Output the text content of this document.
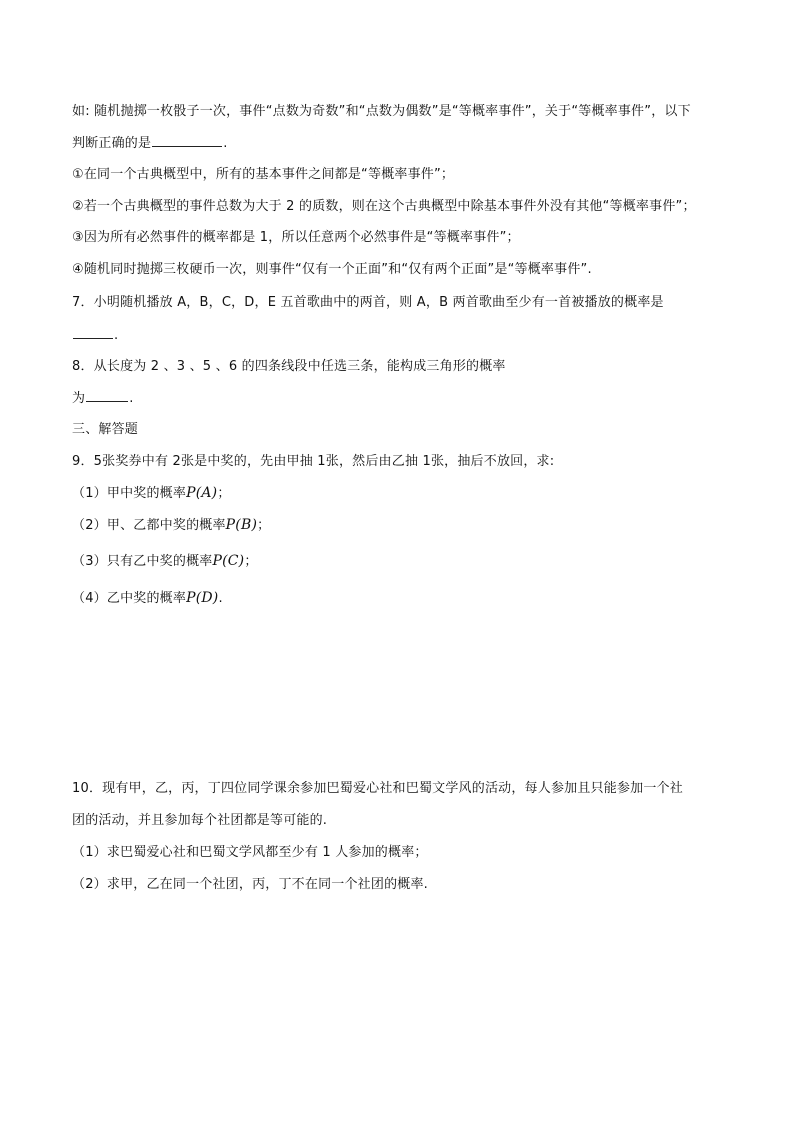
如: 随机抛掷一枚骰子一次，事件“点数为奇数”和“点数为偶数”是“等概率事件”，关于“等概率事件”，以下
判断正确的是	.
①在同一个古典概型中，所有的基本事件之间都是“等概率事件”；
②若一个古典概型的事件总数为大于 2 的质数，则在这个古典概型中除基本事件外没有其他“等概率事件”；
③因为所有必然事件的概率都是 1，所以任意两个必然事件是“等概率事件”；
④随机同时抛掷三枚硬币一次，则事件“仅有一个正面”和“仅有两个正面”是“等概率事件”.
7．小明随机播放 A，B，C，D，E 五首歌曲中的两首，则 A，B 两首歌曲至少有一首被播放的概率是
.
8．从长度为 2 、3 、5 、6 的四条线段中任选三条，能构成三角形的概率
为	.
三、解答题
9．5张奖券中有 2张是中奖的，先由甲抽 1张，然后由乙抽 1张，抽后不放回，求:
（1）甲中奖的概率P(A)；
（2）甲、乙都中奖的概率P(B)；
（3）只有乙中奖的概率P(C)；
（4）乙中奖的概率P(D).
10．现有甲，乙，丙，丁四位同学课余参加巴蜀爱心社和巴蜀文学风的活动，每人参加且只能参加一个社
团的活动，并且参加每个社团都是等可能的.
（1）求巴蜀爱心社和巴蜀文学风都至少有 1 人参加的概率；
（2）求甲，乙在同一个社团，丙，丁不在同一个社团的概率.
